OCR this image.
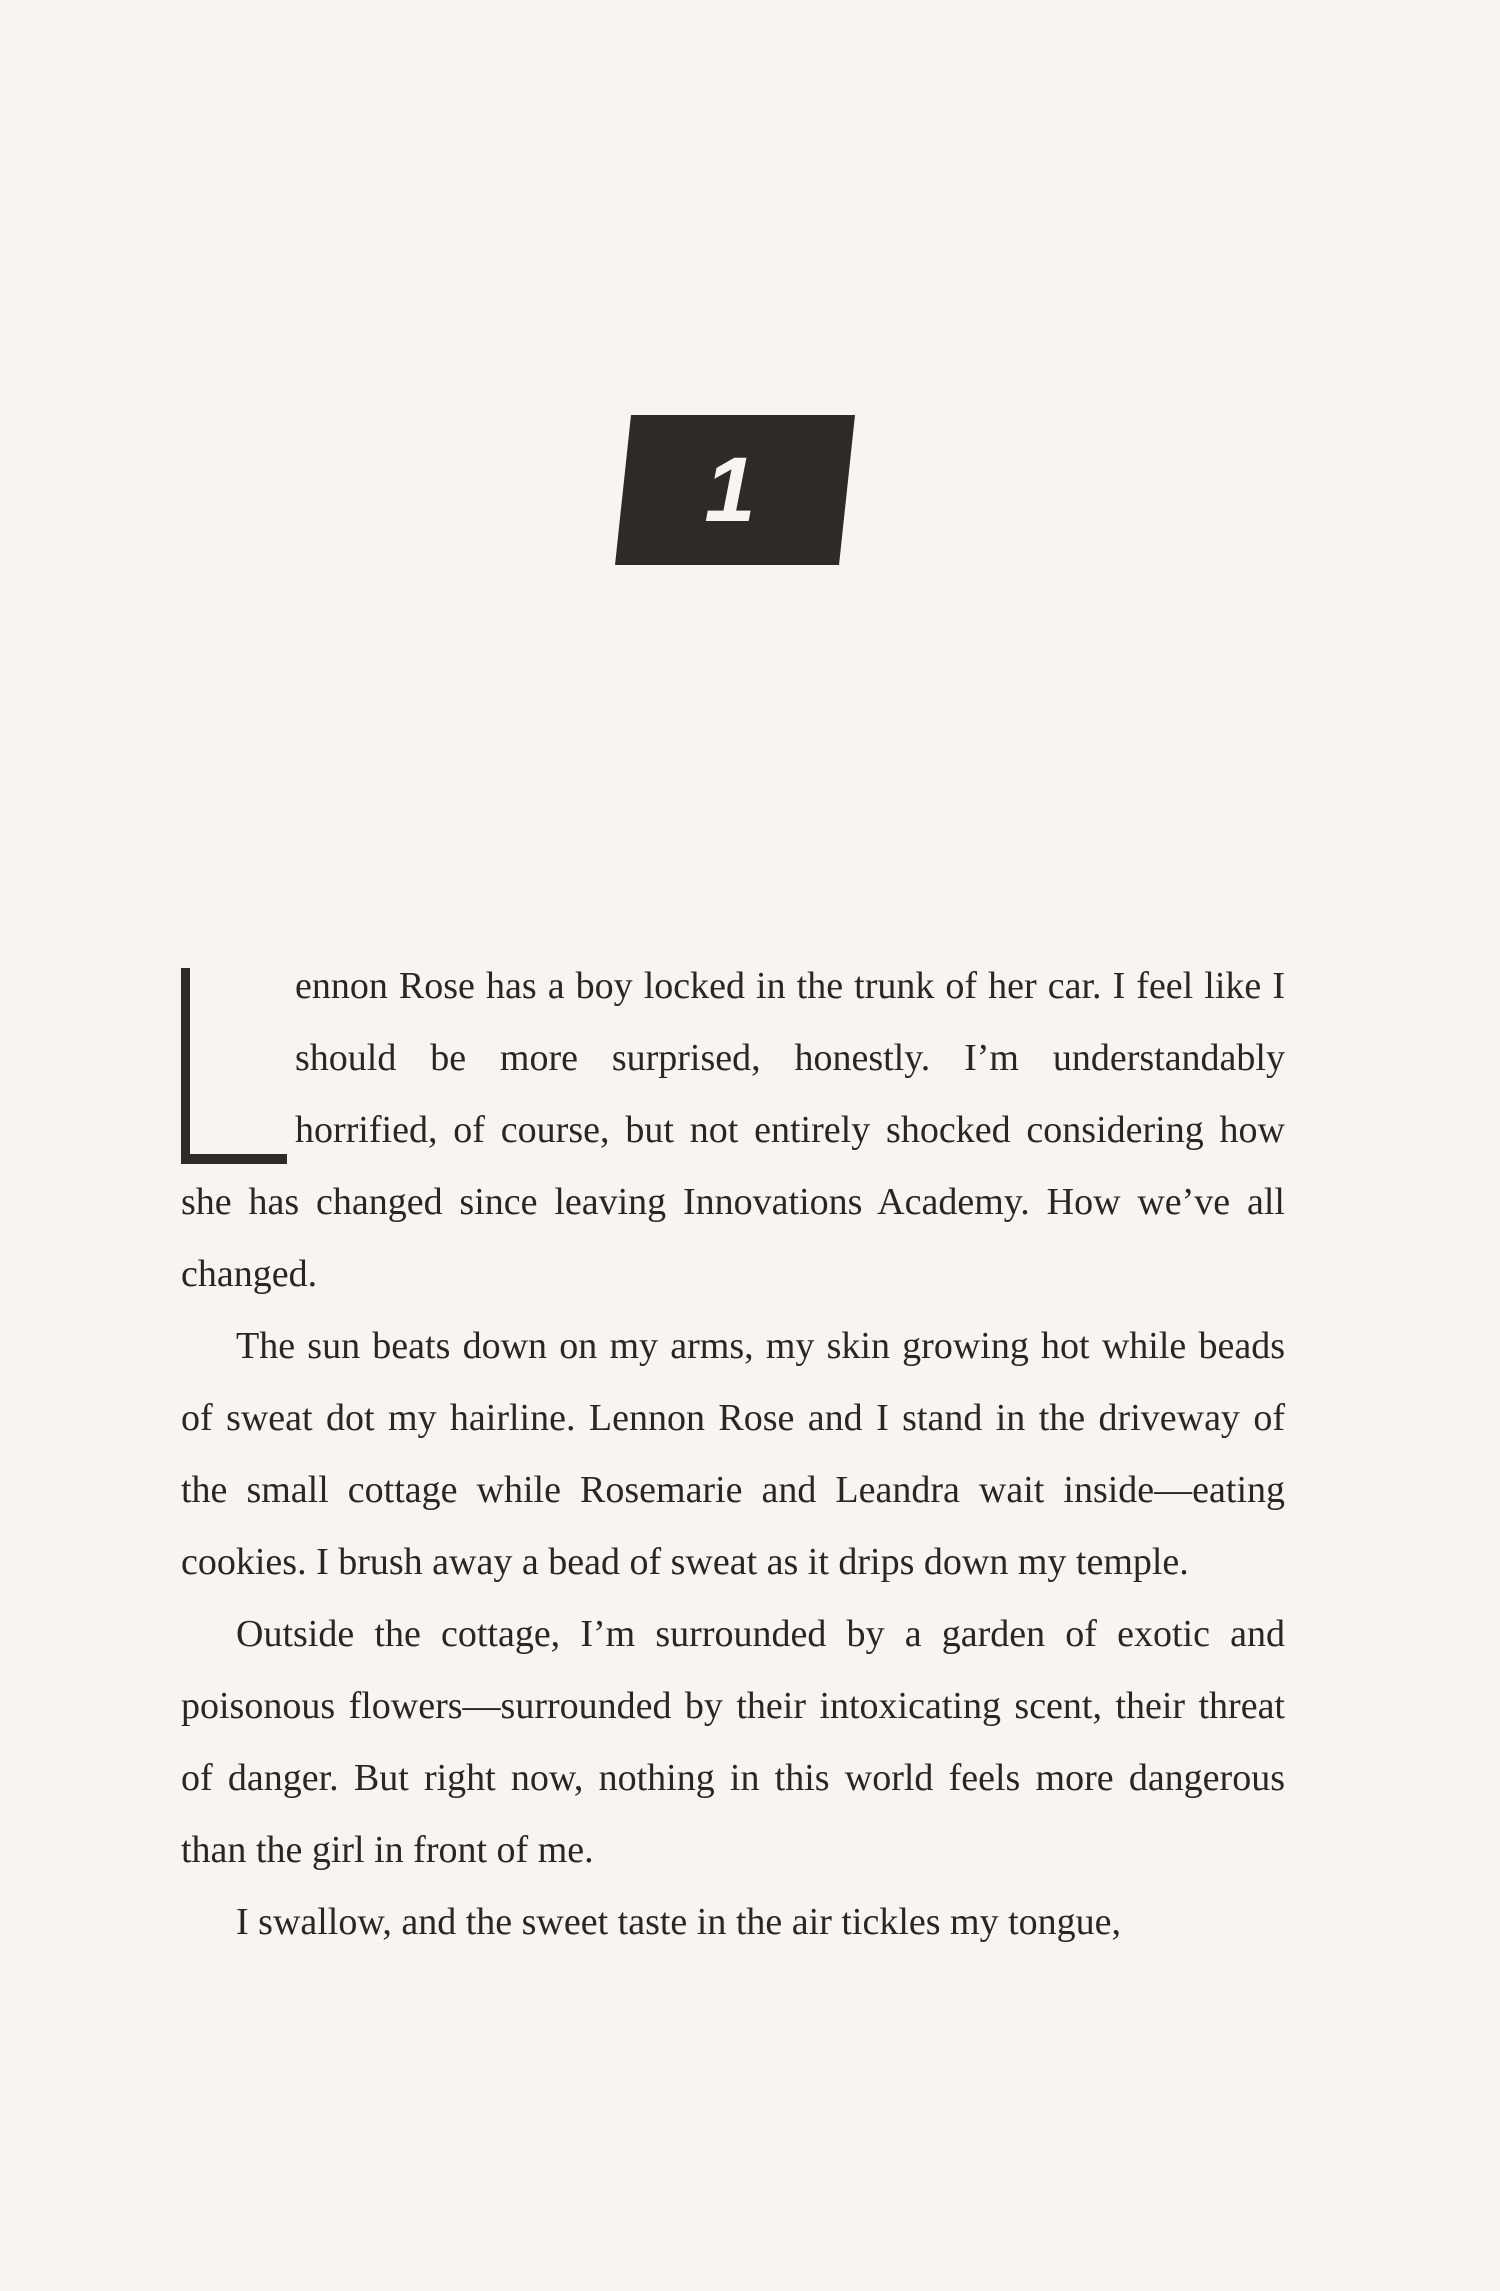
1

ennon Rose has a boy locked in the trunk of her car. I feel like I should be more surprised, honestly. I’m understandably horrified, of course, but not entirely shocked considering how she has changed since leaving Innovations Academy. How we’ve all changed.

The sun beats down on my arms, my skin growing hot while beads of sweat dot my hairline. Lennon Rose and I stand in the driveway of the small cottage while Rosemarie and Leandra wait inside—eating cookies. I brush away a bead of sweat as it drips down my temple.

Outside the cottage, I’m surrounded by a garden of exotic and poisonous flowers—surrounded by their intoxicating scent, their threat of danger. But right now, nothing in this world feels more dangerous than the girl in front of me.

I swallow, and the sweet taste in the air tickles my tongue,
